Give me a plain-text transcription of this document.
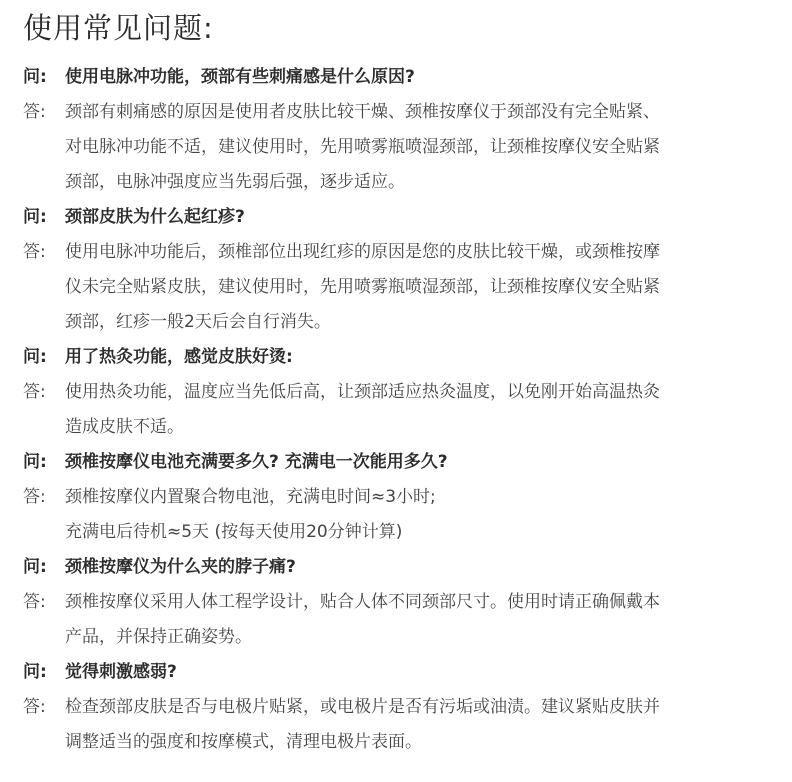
使用常见问题:
问:	使用电脉冲功能，颈部有些刺痛感是什么原因?
答:	颈部有刺痛感的原因是使用者皮肤比较干燥、颈椎按摩仪于颈部没有完全贴紧、
对电脉冲功能不适，建议使用时，先用喷雾瓶喷湿颈部，让颈椎按摩仪安全贴紧
颈部，电脉冲强度应当先弱后强，逐步适应。
问:	颈部皮肤为什么起红疹?
答:	使用电脉冲功能后，颈椎部位出现红疹的原因是您的皮肤比较干燥，或颈椎按摩
仪未完全贴紧皮肤，建议使用时，先用喷雾瓶喷湿颈部，让颈椎按摩仪安全贴紧
颈部，红疹一般2天后会自行消失。
问:	用了热灸功能，感觉皮肤好烫:
答:	使用热灸功能，温度应当先低后高，让颈部适应热灸温度，以免刚开始高温热灸
造成皮肤不适。
问:	颈椎按摩仪电池充满要多久? 充满电一次能用多久?
答:	颈椎按摩仪内置聚合物电池，充满电时间≈3小时;
充满电后待机≈5天 (按每天使用20分钟计算)
问:	颈椎按摩仪为什么夹的脖子痛?
答:	颈椎按摩仪采用人体工程学设计，贴合人体不同颈部尺寸。使用时请正确佩戴本
产品，并保持正确姿势。
问:	觉得刺激感弱?
答:	检查颈部皮肤是否与电极片贴紧，或电极片是否有污垢或油渍。建议紧贴皮肤并
调整适当的强度和按摩模式，清理电极片表面。
